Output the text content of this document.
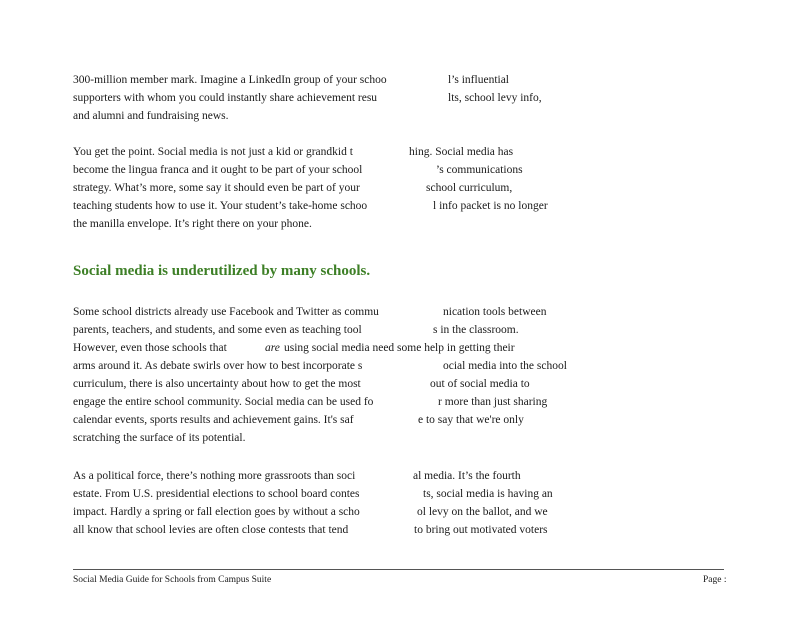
300-million member mark. Imagine a LinkedIn group of your schoo	l’s influential
supporters with whom you could instantly share achievement resu	lts, school levy info,
and alumni and fundraising news.
You get the point. Social media is not just a kid or grandkid t	hing. Social media has
become the lingua franca and it ought to be part of your school	’s communications
strategy. What’s more, some say it should even be part of your	school curriculum,
teaching students how to use it. Your student’s take-home schoo	l info packet is no longer
the manilla envelope. It’s right there on your phone.
Social media is underutilized by many schools.
Some school districts already use Facebook and Twitter as commu	nication tools between
parents, teachers, and students, and some even as teaching tool	s in the classroom.
However, even those schools that	are using social media need some help in getting their
arms around it. As debate swirls over how to best incorporate s	ocial media into the school
curriculum, there is also uncertainty about how to get the most	out of social media to
engage the entire school community. Social media can be used fo	r more than just sharing
calendar events, sports results and achievement gains. It's saf	e to say that we're only
scratching the surface of its potential.
As a political force, there’s nothing more grassroots than soci	al media. It’s the fourth
estate. From U.S. presidential elections to school board contes	ts, social media is having an
impact. Hardly a spring or fall election goes by without a scho	ol levy on the ballot, and we
all know that school levies are often close contests that tend	to bring out motivated voters
Social Media Guide for Schools from Campus Suite	Page :
